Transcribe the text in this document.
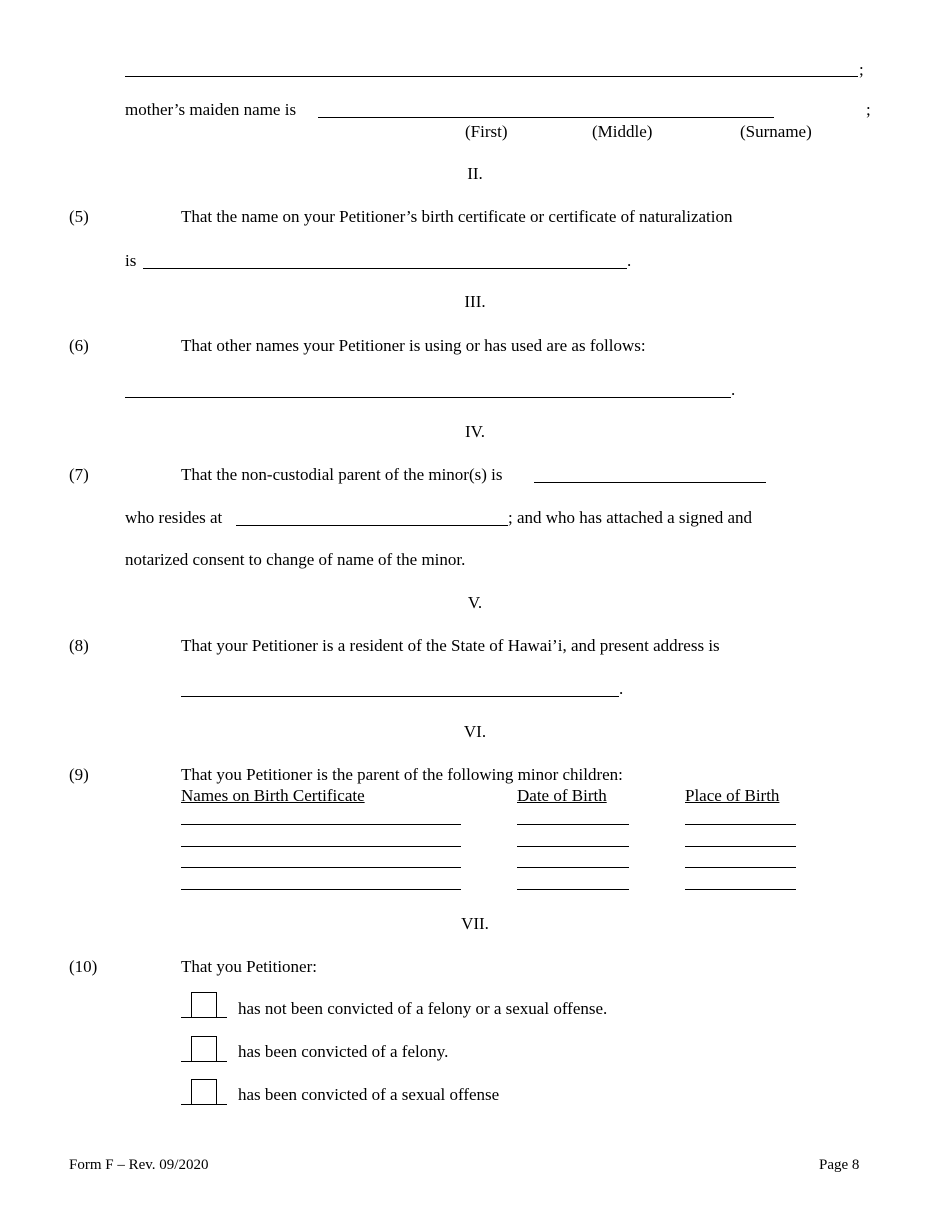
;
mother’s maiden name is	;
(First)	(Middle)	(Surname)
II.
(5)	That the name on your Petitioner’s birth certificate or certificate of naturalization
is	.
III.
(6)	That other names your Petitioner is using or has used are as follows:
.
IV.
(7)	That the non-custodial parent of the minor(s) is
who resides at	; and who has attached a signed and
notarized consent to change of name of the minor.
V.
(8)	That your Petitioner is a resident of the State of Hawai’i, and present address is
.
VI.
(9)	That you Petitioner is the parent of the following minor children:
Names on Birth Certificate	Date of Birth	Place of Birth
VII.
(10)	That you Petitioner:
has not been convicted of a felony or a sexual offense.
has been convicted of a felony.
has been convicted of a sexual offense
Form F – Rev. 09/2020	Page 8
